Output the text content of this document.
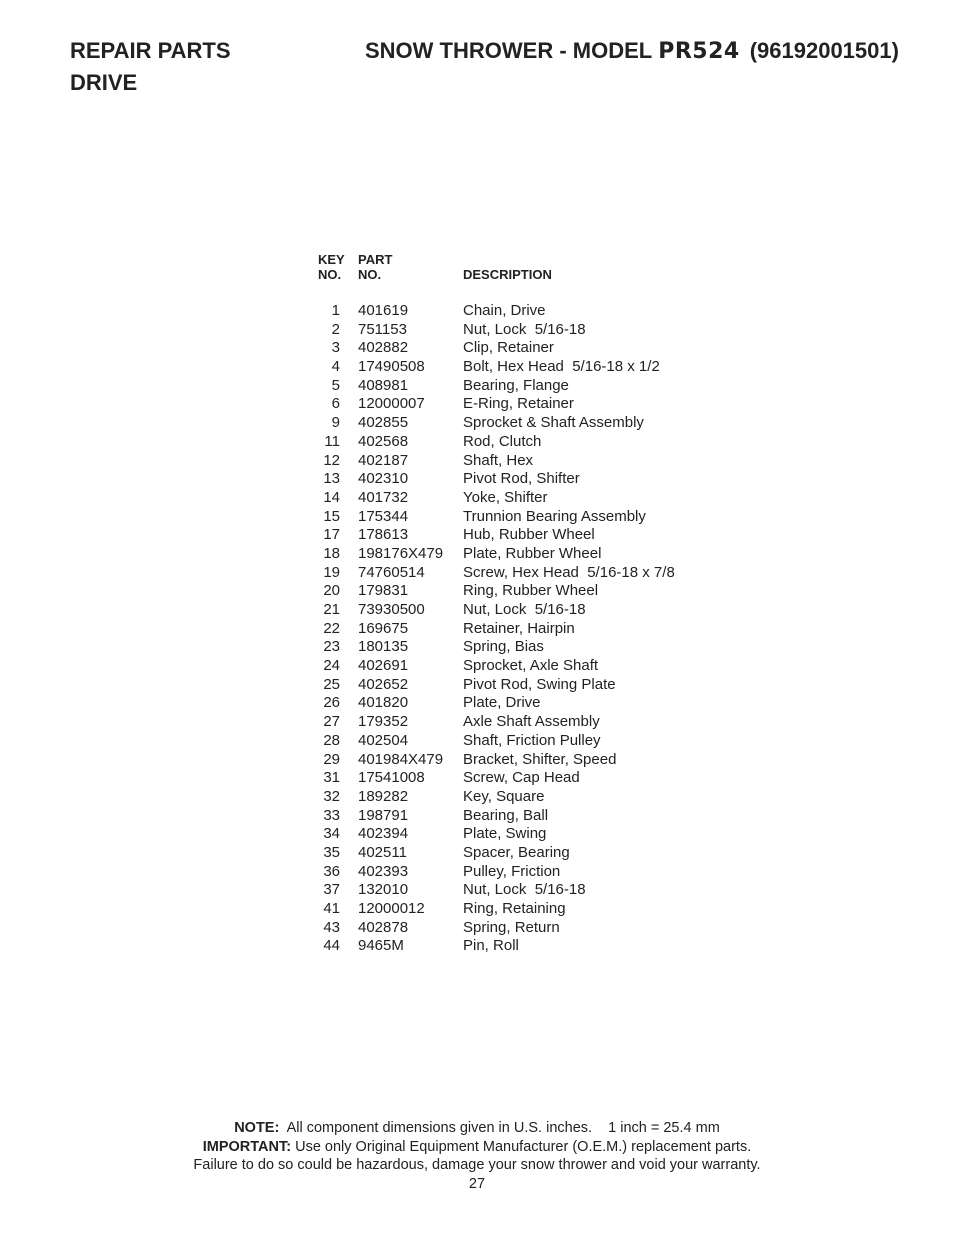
REPAIR PARTS	SNOW THROWER - MODEL PR524 (96192001501)
DRIVE
KEY
NO.
PART
NO.	DESCRIPTION
1 401619	Chain, Drive
2 751153	Nut, Lock  5/16-18
3 402882	Clip, Retainer
4 17490508	Bolt, Hex Head  5/16-18 x 1/2
5 408981	Bearing, Flange
6 12000007	E-Ring, Retainer
9 402855	Sprocket & Shaft Assembly
11 402568	Rod, Clutch
12 402187	Shaft, Hex
13 402310	Pivot Rod, Shifter
14 401732	Yoke, Shifter
15 175344	Trunnion Bearing Assembly
17 178613	Hub, Rubber Wheel
18 198176X479 Plate, Rubber Wheel
19 74760514	Screw, Hex Head  5/16-18 x 7/8
20 179831	Ring, Rubber Wheel
21 73930500	Nut, Lock  5/16-18
22 169675	Retainer, Hairpin
23 180135	Spring, Bias
24 402691	Sprocket, Axle Shaft
25 402652	Pivot Rod, Swing Plate
26 401820	Plate, Drive
27 179352	Axle Shaft Assembly
28 402504	Shaft, Friction Pulley
29 401984X479 Bracket, Shifter, Speed
31 17541008	Screw, Cap Head
32 189282	Key, Square
33 198791	Bearing, Ball
34 402394	Plate, Swing
35 402511	Spacer, Bearing
36 402393	Pulley, Friction
37 132010	Nut, Lock  5/16-18
41 12000012	Ring, Retaining
43 402878	Spring, Return
44 9465M	Pin, Roll
NOTE: All component dimensions given in U.S. inches.    1 inch = 25.4 mm
IMPORTANT: Use only Original Equipment Manufacturer (O.E.M.) replacement parts.
Failure to do so could be hazardous, damage your snow thrower and void your warranty.
27
